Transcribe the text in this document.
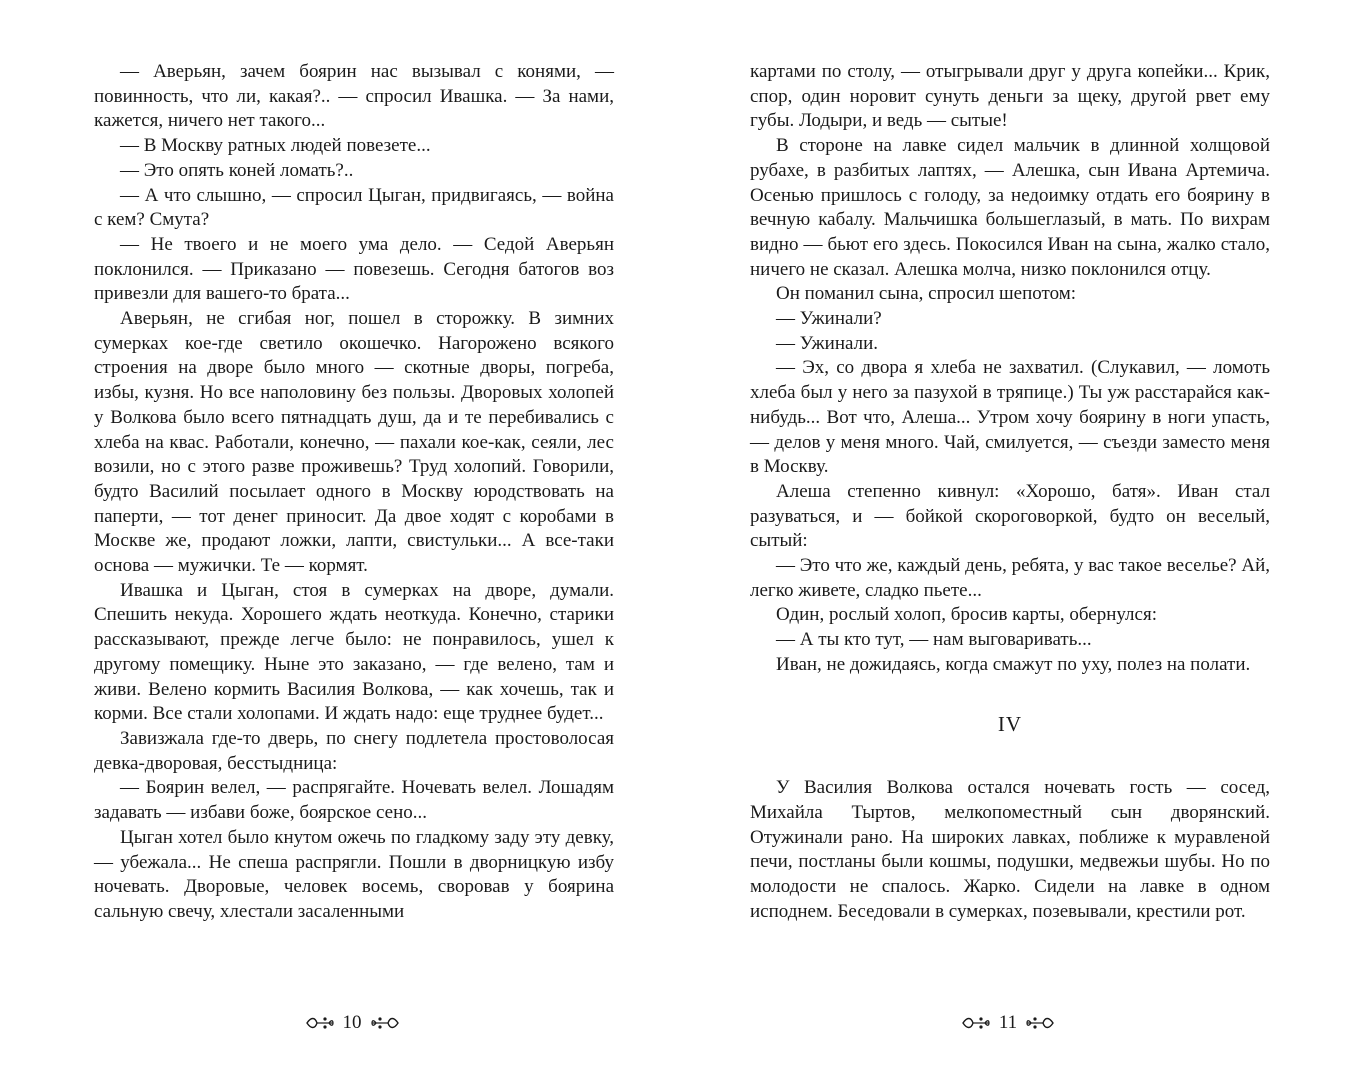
— Аверьян, зачем боярин нас вызывал с конями, — повинность, что ли, какая?.. — спросил Ивашка. — За нами, кажется, ничего нет такого...

— В Москву ратных людей повезете...

— Это опять коней ломать?..

— А что слышно, — спросил Цыган, придвигаясь, — война с кем? Смута?

— Не твоего и не моего ума дело. — Седой Аверьян поклонился. — Приказано — повезешь. Сегодня батогов воз привезли для вашего-то брата...

Аверьян, не сгибая ног, пошел в сторожку. В зимних сумерках кое-где светило окошечко. Нагорожено всякого строения на дворе было много — скотные дворы, погреба, избы, кузня. Но все наполовину без пользы. Дворовых холопей у Волкова было всего пятнадцать душ, да и те перебивались с хлеба на квас. Работали, конечно, — пахали кое-как, сеяли, лес возили, но с этого разве проживешь? Труд холопий. Говорили, будто Василий посылает одного в Москву юродствовать на паперти, — тот денег приносит. Да двое ходят с коробами в Москве же, продают ложки, лапти, свистульки... А все-таки основа — мужички. Те — кормят.

Ивашка и Цыган, стоя в сумерках на дворе, думали. Спешить некуда. Хорошего ждать неоткуда. Конечно, старики рассказывают, прежде легче было: не понравилось, ушел к другому помещику. Ныне это заказано, — где велено, там и живи. Велено кормить Василия Волкова, — как хочешь, так и корми. Все стали холопами. И ждать надо: еще труднее будет...

Завизжала где-то дверь, по снегу подлетела простоволосая девка-дворовая, бесстыдница:

— Боярин велел, — распрягайте. Ночевать велел. Лошадям задавать — избави боже, боярское сено...

Цыган хотел было кнутом ожечь по гладкому заду эту девку, — убежала... Не спеша распрягли. Пошли в дворницкую избу ночевать. Дворовые, человек восемь, своровав у боярина сальную свечу, хлестали засаленными

10

картами по столу, — отыгрывали друг у друга копейки... Крик, спор, один норовит сунуть деньги за щеку, другой рвет ему губы. Лодыри, и ведь — сытые!

В стороне на лавке сидел мальчик в длинной холщовой рубахе, в разбитых лаптях, — Алешка, сын Ивана Артемича. Осенью пришлось с голоду, за недоимку отдать его боярину в вечную кабалу. Мальчишка большеглазый, в мать. По вихрам видно — бьют его здесь. Покосился Иван на сына, жалко стало, ничего не сказал. Алешка молча, низко поклонился отцу.

Он поманил сына, спросил шепотом:

— Ужинали?

— Ужинали.

— Эх, со двора я хлеба не захватил. (Слукавил, — ломоть хлеба был у него за пазухой в тряпице.) Ты уж расстарайся как-нибудь... Вот что, Алеша... Утром хочу боярину в ноги упасть, — делов у меня много. Чай, смилуется, — съезди заместо меня в Москву.

Алеша степенно кивнул: «Хорошо, батя». Иван стал разуваться, и — бойкой скороговоркой, будто он веселый, сытый:

— Это что же, каждый день, ребята, у вас такое веселье? Ай, легко живете, сладко пьете...

Один, рослый холоп, бросив карты, обернулся:

— А ты кто тут, — нам выговаривать...

Иван, не дожидаясь, когда смажут по уху, полез на полати.

IV

У Василия Волкова остался ночевать гость — сосед, Михайла Тыртов, мелкопоместный сын дворянский. Отужинали рано. На широких лавках, поближе к муравленой печи, постланы были кошмы, подушки, медвежьи шубы. Но по молодости не спалось. Жарко. Сидели на лавке в одном исподнем. Беседовали в сумерках, позевывали, крестили рот.

11
